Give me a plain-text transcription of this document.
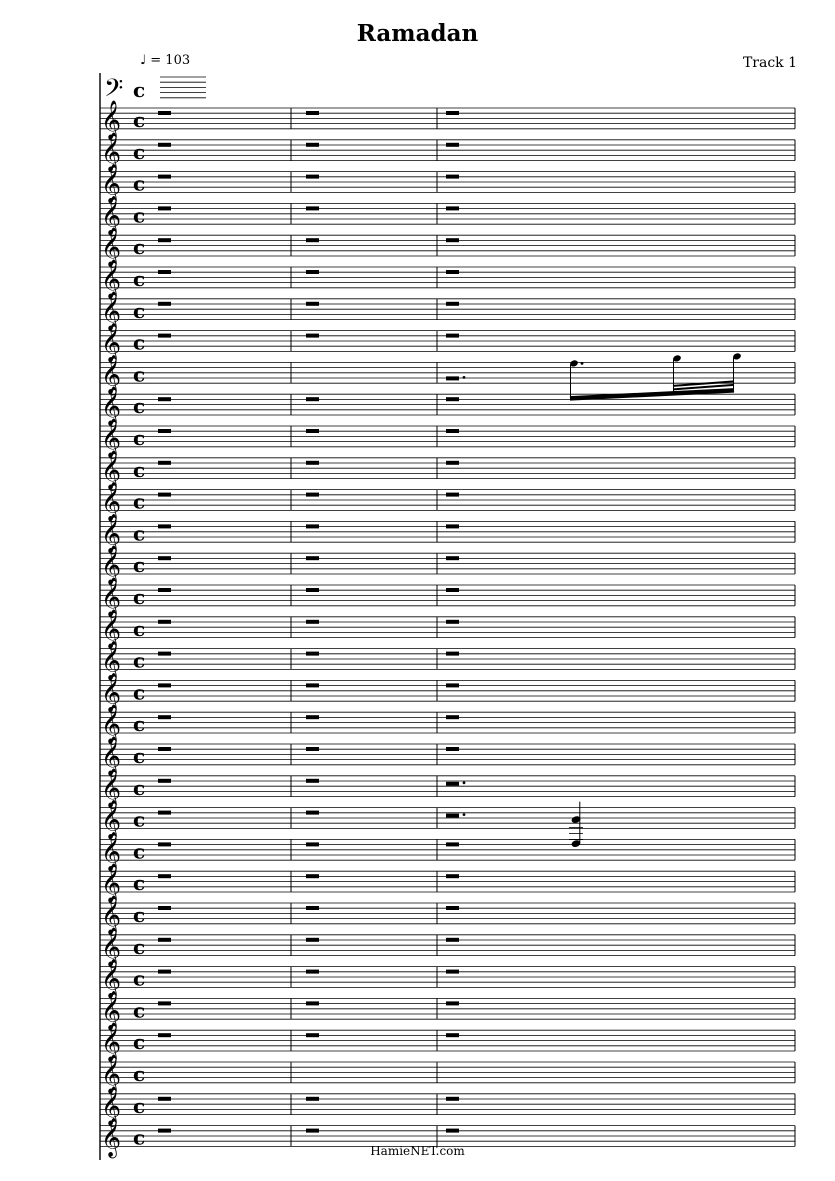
Ramadan
Track 1
♩ = 103
𝄢 c
𝄞 c
𝄞 c
𝄞 c
𝄞 c
𝄞 c
𝄞 c
𝄞 c
𝄞 c
𝄞 c
𝄞 c
𝄞 c
𝄞 c
𝄞 c
𝄞 c
𝄞 c
𝄞 c
𝄞 c
𝄞 c
𝄞 c
𝄞 c
𝄞 c
𝄞 c
𝄞 c
𝄞 c
𝄞 c
𝄞 c
𝄞 c
𝄞 c
𝄞 c
𝄞 c
𝄞 c
𝄞 c
𝄞 c
HamieNET.com
